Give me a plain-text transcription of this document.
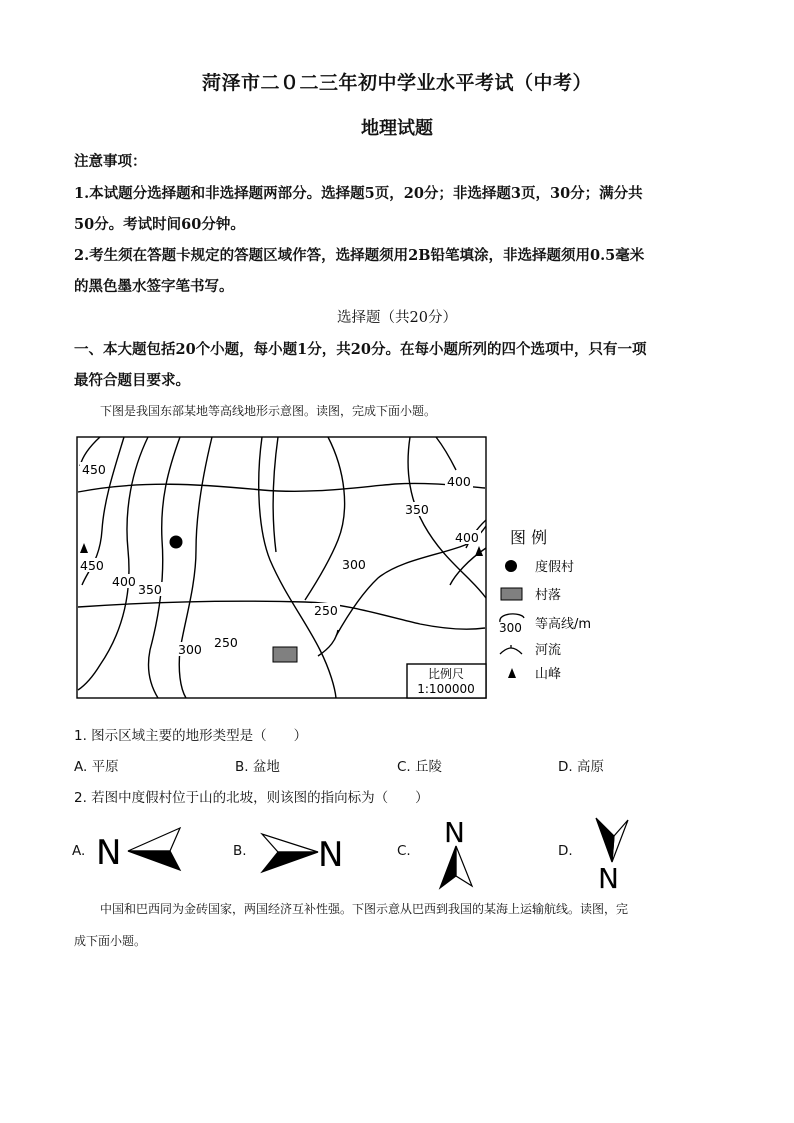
菏泽市二０二三年初中学业水平考试（中考）
地理试题
注意事项：
1.本试题分选择题和非选择题两部分。选择题5页，20分；非选择题3页，30分；满分共
50分。考试时间60分钟。
2.考生须在答题卡规定的答题区域作答，选择题须用2B铅笔填涂，非选择题须用0.5毫米
的黑色墨水签字笔书写。
选择题（共20分）
一、本大题包括20个小题，每小题1分，共20分。在每小题所列的四个选项中，只有一项
最符合题目要求。
下图是我国东部某地等高线地形示意图。读图，完成下面小题。
450
450
400
350
300 250
400
350
400
300
250
比例尺
1:100000
图 例
度假村
村落
300 等高线/m
河流
山峰
1. 图示区域主要的地形类型是（　　）
A. 平原	B. 盆地	C. 丘陵	D. 高原
2. 若图中度假村位于山的北坡，则该图的指向标为（　　）
A.	B.	C.	D.
N	N
N
N
中国和巴西同为金砖国家，两国经济互补性强。下图示意从巴西到我国的某海上运输航线。读图，完
成下面小题。
